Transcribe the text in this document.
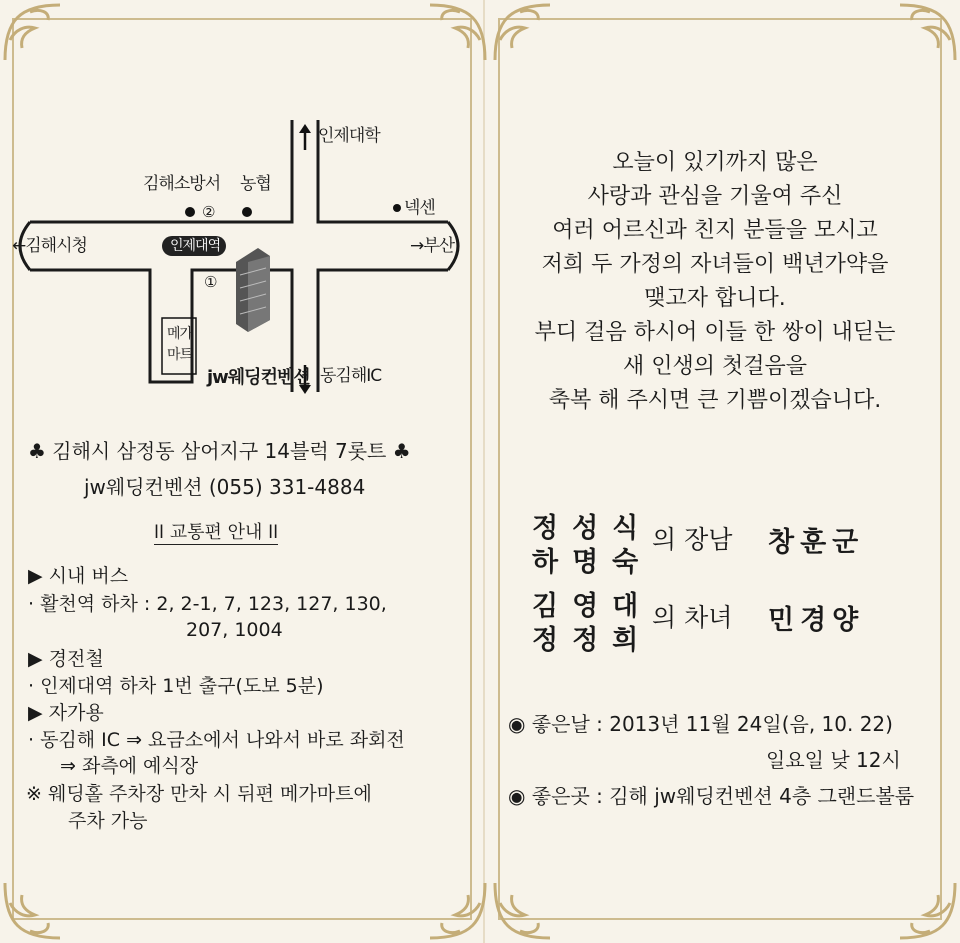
인제대학
김해소방서 농협
②	넥센
←김해시청	인제대역	→부산
①
메가
마트
jw웨딩컨벤션 동김해IC
♣ 김해시 삼정동 삼어지구 14블럭 7롯트 ♣
jw웨딩컨벤션 (055) 331-4884
ll 교통편 안내 ll
▶ 시내 버스
· 활천역 하차 : 2, 2-1, 7, 123, 127, 130,
207, 1004
▶ 경전철
· 인제대역 하차 1번 출구(도보 5분)
▶ 자가용
· 동김해 IC ⇒ 요금소에서 나와서 바로 좌회전
⇒ 좌측에 예식장
※ 웨딩홀 주차장 만차 시 뒤편 메가마트에
주차 가능
오늘이 있기까지 많은
사랑과 관심을 기울여 주신
여러 어르신과 친지 분들을 모시고
저희 두 가정의 자녀들이 백년가약을
맺고자 합니다.
부디 걸음 하시어 이들 한 쌍이 내딛는
새 인생의 첫걸음을
축복 해 주시면 큰 기쁨이겠습니다.
정성식
하명숙
의 장남 창훈군
김영대
정정희
의 차녀 민경양
◉ 좋은날 : 2013년 11월 24일(음, 10. 22)
일요일 낮 12시
◉ 좋은곳 : 김해 jw웨딩컨벤션 4층 그랜드볼룸
